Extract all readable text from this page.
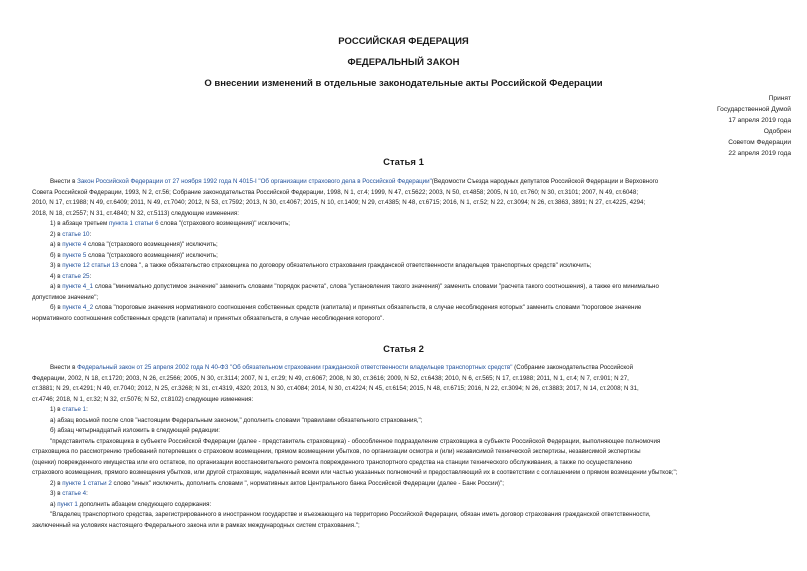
РОССИЙСКАЯ ФЕДЕРАЦИЯ
ФЕДЕРАЛЬНЫЙ ЗАКОН
О внесении изменений в отдельные законодательные акты Российской Федерации
Принят
Государственной Думой
17 апреля 2019 года
Одобрен
Советом Федерации
22 апреля 2019 года
Статья 1
Внести в Закон Российской Федерации от 27 ноября 1992 года N 4015-I "Об организации страхового дела в Российской Федерации"(Ведомости Съезда народных депутатов Российской Федерации и Верховного
Совета Российской Федерации, 1993, N 2, ст.56; Собрание законодательства Российской Федерации, 1998, N 1, ст.4; 1999, N 47, ст.5622; 2003, N 50, ст.4858; 2005, N 10, ст.760; N 30, ст.3101; 2007, N 49, ст.6048;
2010, N 17, ст.1988; N 49, ст.6409; 2011, N 49, ст.7040; 2012, N 53, ст.7592; 2013, N 30, ст.4067; 2015, N 10, ст.1409; N 29, ст.4385; N 48, ст.6715; 2016, N 1, ст.52; N 22, ст.3094; N 26, ст.3863, 3891; N 27, ст.4225, 4294;
2018, N 18, ст.2557; N 31, ст.4840; N 32, ст.5113) следующие изменения:
1) в абзаце третьем пункта 1 статьи 6 слова "(страхового возмещения)" исключить;
2) в статье 10:
а) в пункте 4 слова "(страхового возмещения)" исключить;
б) в пункте 5 слова "(страхового возмещения)" исключить;
3) в пункте 12 статьи 13 слова ", а также обязательство страховщика по договору обязательного страхования гражданской ответственности владельцев транспортных средств" исключить;
4) в статье 25:
а) в пункте 4_1 слова "минимально допустимое значение" заменить словами "порядок расчета", слова "установления такого значения)" заменить словами "расчета такого соотношения), а также его минимально
допустимое значение";
б) в пункте 4_2 слова "пороговые значения нормативного соотношения собственных средств (капитала) и принятых обязательств, в случае несоблюдения которых" заменить словами "пороговое значение
нормативного соотношения собственных средств (капитала) и принятых обязательств, в случае несоблюдения которого".
Статья 2
Внести в Федеральный закон от 25 апреля 2002 года N 40-ФЗ "Об обязательном страховании гражданской ответственности владельцев транспортных средств" (Собрание законодательства Российской
Федерации, 2002, N 18, ст.1720; 2003, N 26, ст.2566; 2005, N 30, ст.3114; 2007, N 1, ст.29; N 49, ст.6067; 2008, N 30, ст.3616; 2009, N 52, ст.6438; 2010, N 6, ст.565; N 17, ст.1988; 2011, N 1, ст.4; N 7, ст.901; N 27,
ст.3881; N 29, ст.4291; N 49, ст.7040; 2012, N 25, ст.3268; N 31, ст.4319, 4320; 2013, N 30, ст.4084; 2014, N 30, ст.4224; N 45, ст.6154; 2015, N 48, ст.6715; 2016, N 22, ст.3094; N 26, ст.3883; 2017, N 14, ст.2008; N 31,
ст.4746; 2018, N 1, ст.32; N 32, ст.5076; N 52, ст.8102) следующие изменения:
1) в статье 1:
а) абзац восьмой после слов "настоящим Федеральным законом," дополнить словами "правилами обязательного страхования,";
б) абзац четырнадцатый изложить в следующей редакции:
"представитель страховщика в субъекте Российской Федерации (далее - представитель страховщика) - обособленное подразделение страховщика в субъекте Российской Федерации, выполняющее полномочия
страховщика по рассмотрению требований потерпевших о страховом возмещении, прямом возмещении убытков, по организации осмотра и (или) независимой технической экспертизы, независимой экспертизы
(оценки) поврежденного имущества или его остатков, по организации восстановительного ремонта поврежденного транспортного средства на станции технического обслуживания, а также по осуществлению
страхового возмещения, прямого возмещения убытков, или другой страховщик, наделенный всеми или частью указанных полномочий и предоставляющий их в соответствии с соглашением о прямом возмещении убытков;";
2) в пункте 1 статьи 2 слово "иных" исключить, дополнить словами ", нормативных актов Центрального банка Российской Федерации (далее - Банк России)";
3) в статье 4:
а) пункт 1 дополнить абзацем следующего содержания:
"Владелец транспортного средства, зарегистрированного в иностранном государстве и въезжающего на территорию Российской Федерации, обязан иметь договор страхования гражданской ответственности,
заключенный на условиях настоящего Федерального закона или в рамках международных систем страхования.";
